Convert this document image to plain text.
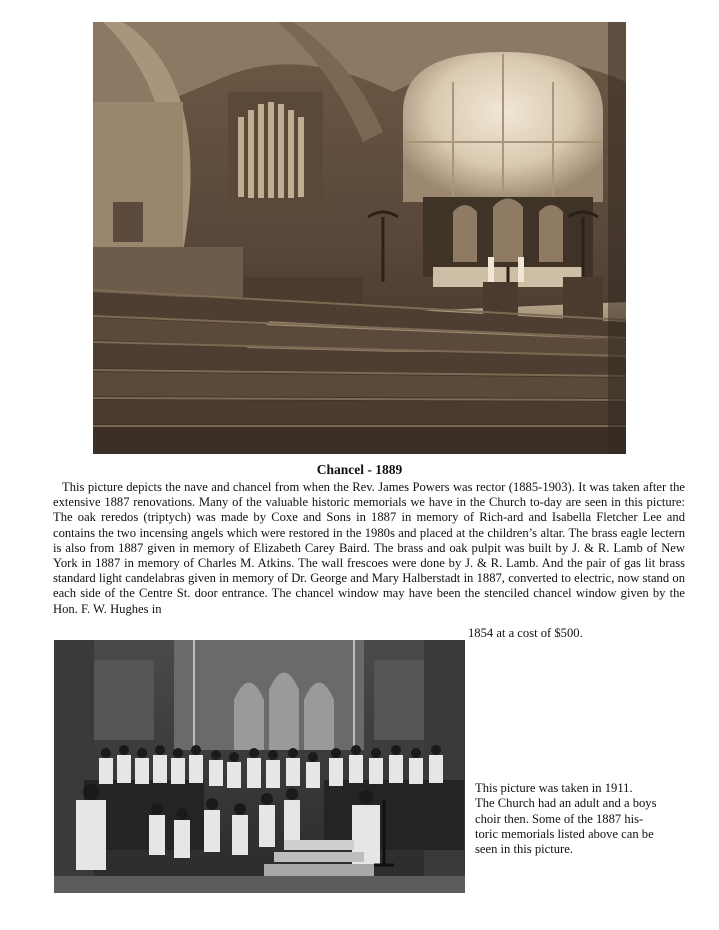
Chancel - 1889

This picture depicts the nave and chancel from when the Rev. James Powers was rector (1885-1903). It was taken after the extensive 1887 renovations. Many of the valuable historic memorials we have in the Church to-day are seen in this picture: The oak reredos (triptych) was made by Coxe and Sons in 1887 in memory of Rich-ard and Isabella Fletcher Lee and contains the two incensing angels which were restored in the 1980s and placed at the children’s altar. The brass eagle lectern is also from 1887 given in memory of Elizabeth Carey Baird. The brass and oak pulpit was built by J. & R. Lamb of New York in 1887 in memory of Charles M. Atkins. The wall frescoes were done by J. & R. Lamb. And the pair of gas lit brass standard light candelabras given in memory of Dr. George and Mary Halberstadt in 1887, converted to electric, now stand on each side of the Centre St. door entrance. The chancel window may have been the stenciled chancel window given by the Hon. F. W. Hughes in

1854 at a cost of $500.
This picture was taken in 1911.
The Church had an adult and a boys
choir then. Some of the 1887 his-
toric memorials listed above can be
seen in this picture.
